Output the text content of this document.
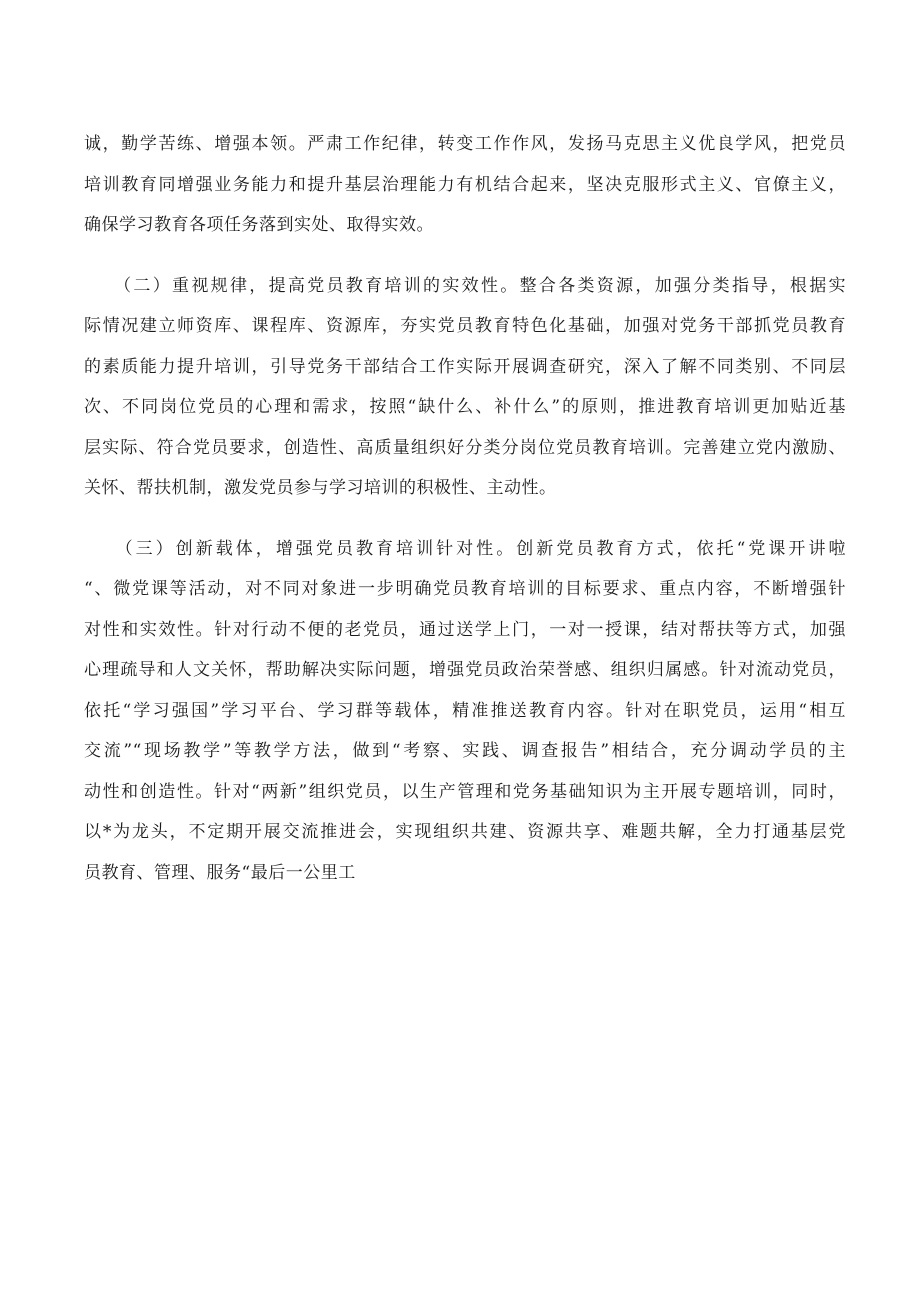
诚，勤学苦练、增强本领。严肃工作纪律，转变工作作风，发扬马克思主义优良学风，把党员
培训教育同增强业务能力和提升基层治理能力有机结合起来，坚决克服形式主义、官僚主义，
确保学习教育各项任务落到实处、取得实效。
　　（二）重视规律，提高党员教育培训的实效性。整合各类资源，加强分类指导，根据实
际情况建立师资库、课程库、资源库，夯实党员教育特色化基础，加强对党务干部抓党员教育
的素质能力提升培训，引导党务干部结合工作实际开展调查研究，深入了解不同类别、不同层
次、不同岗位党员的心理和需求，按照“缺什么、补什么”的原则，推进教育培训更加贴近基
层实际、符合党员要求，创造性、高质量组织好分类分岗位党员教育培训。完善建立党内激励、
关怀、帮扶机制，激发党员参与学习培训的积极性、主动性。
　　（三）创新载体，增强党员教育培训针对性。创新党员教育方式，依托“党课开讲啦
“、微党课等活动，对不同对象进一步明确党员教育培训的目标要求、重点内容，不断增强针
对性和实效性。针对行动不便的老党员，通过送学上门，一对一授课，结对帮扶等方式，加强
心理疏导和人文关怀，帮助解决实际问题，增强党员政治荣誉感、组织归属感。针对流动党员，
依托“学习强国”学习平台、学习群等载体，精准推送教育内容。针对在职党员，运用“相互
交流”“现场教学”等教学方法，做到“考察、实践、调查报告”相结合，充分调动学员的主
动性和创造性。针对“两新”组织党员，以生产管理和党务基础知识为主开展专题培训，同时，
以*为龙头，不定期开展交流推进会，实现组织共建、资源共享、难题共解，全力打通基层党
员教育、管理、服务“最后一公里工
